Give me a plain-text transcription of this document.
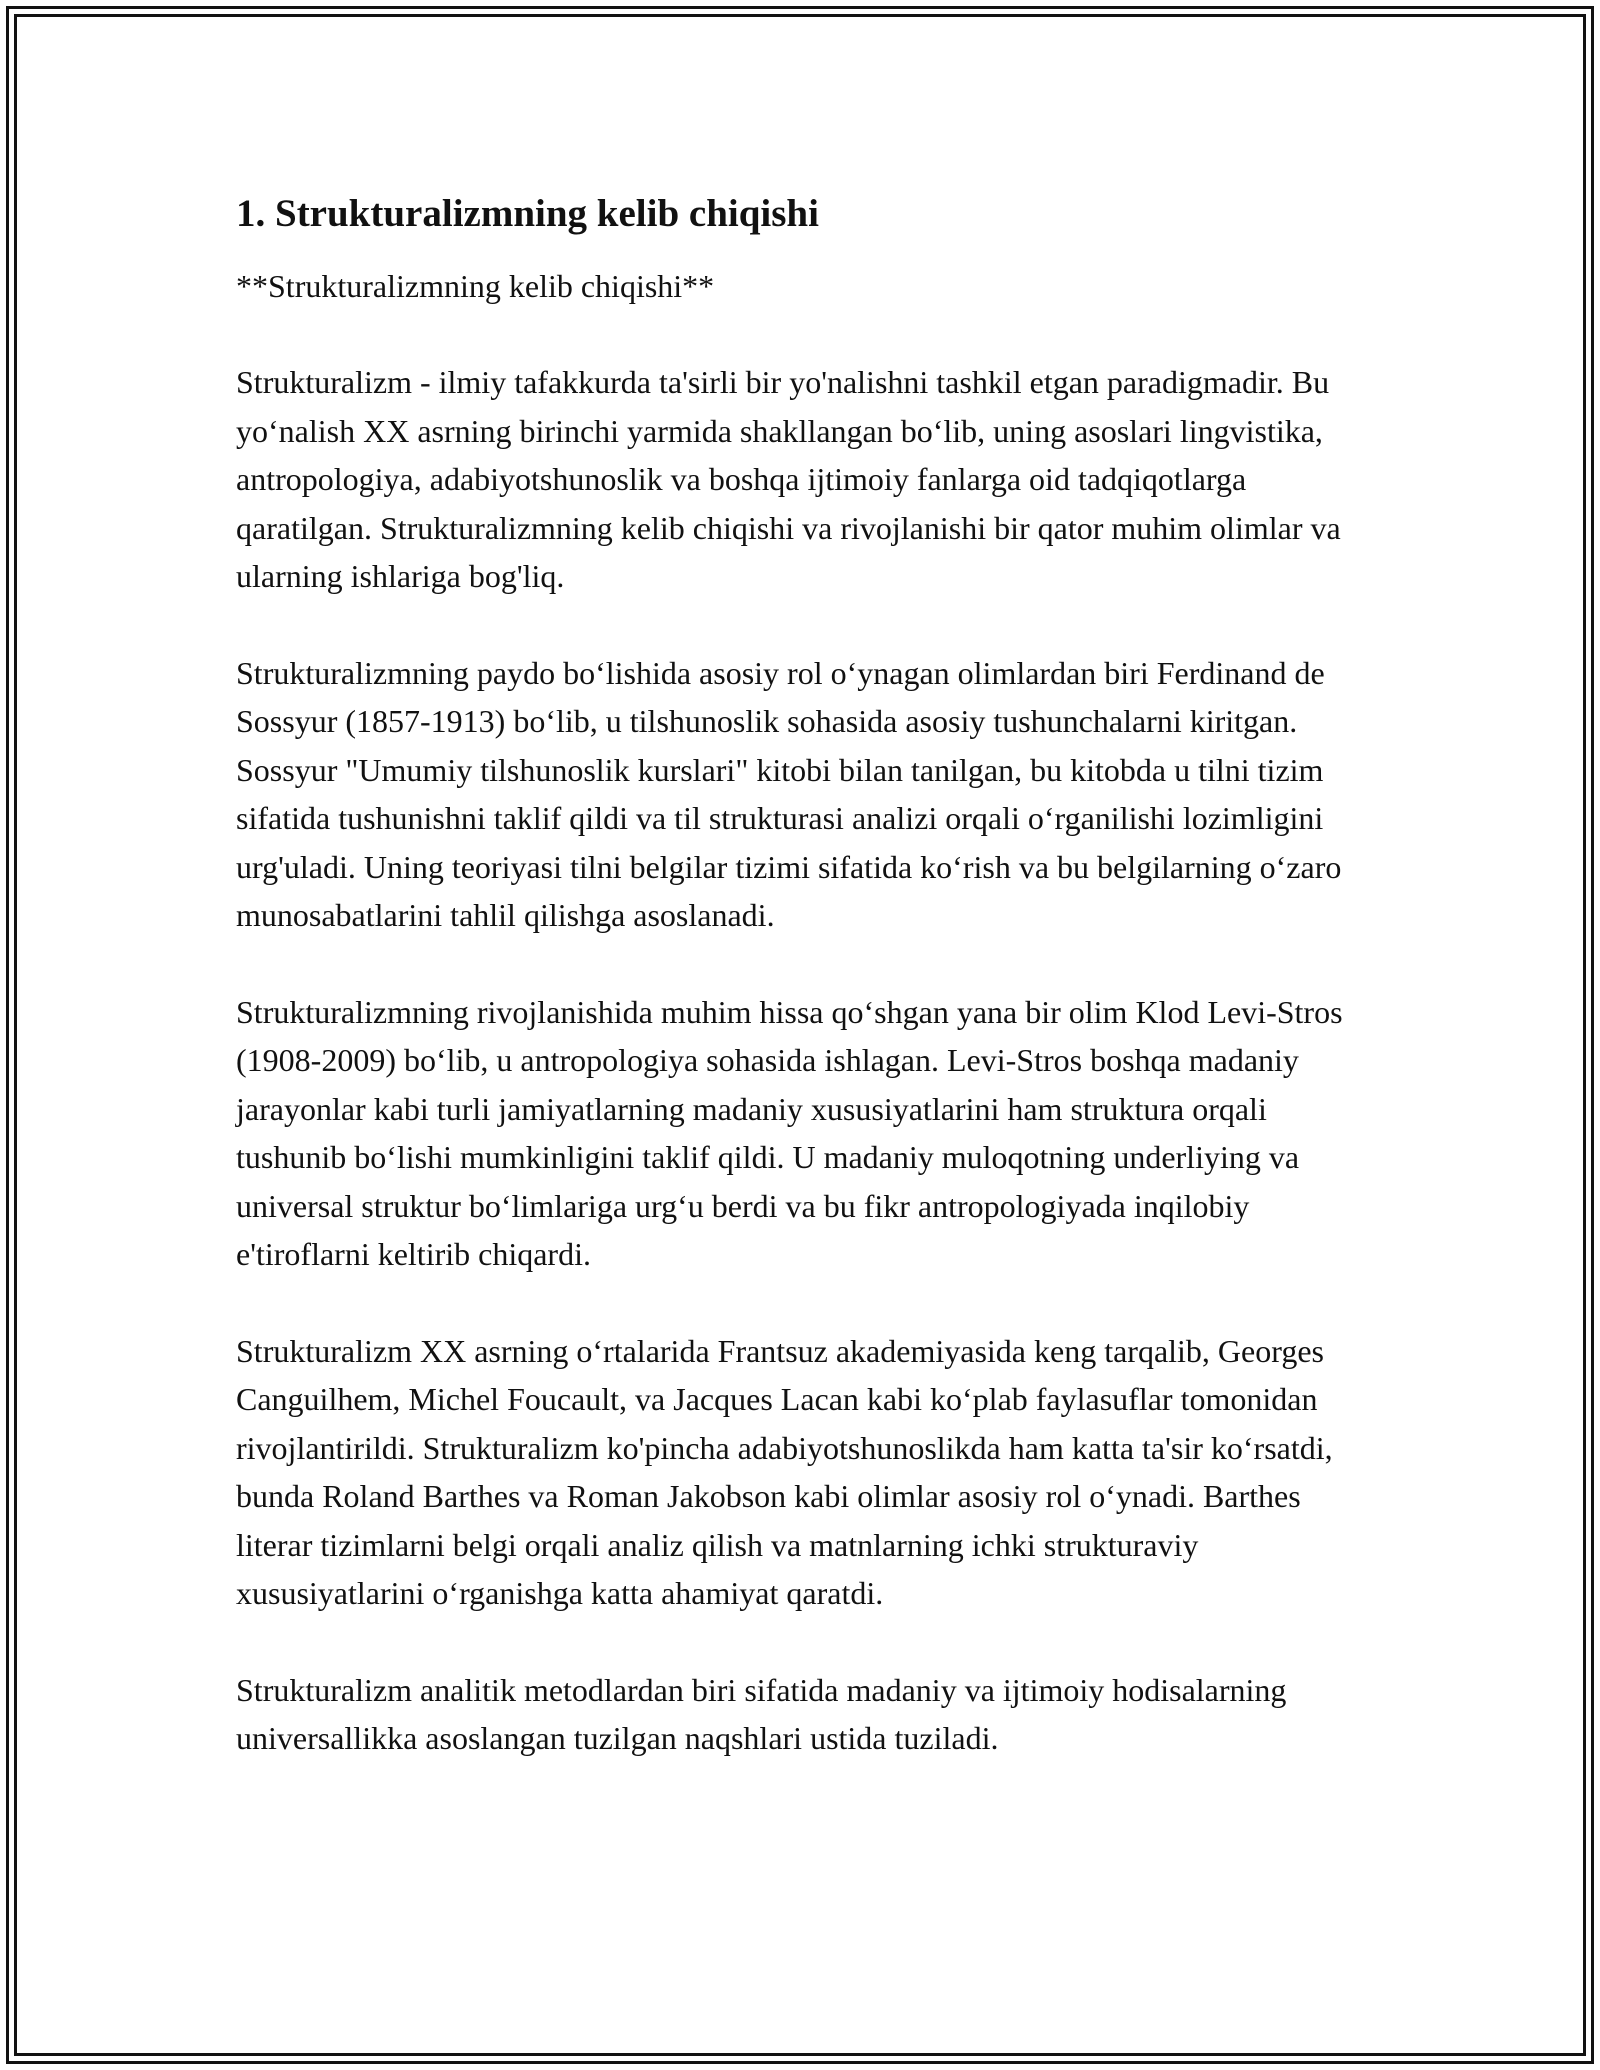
1. Strukturalizmning kelib chiqishi

**Strukturalizmning kelib chiqishi**

Strukturalizm - ilmiy tafakkurda ta'sirli bir yo'nalishni tashkil etgan paradigmadir. Bu yo‘nalish XX asrning birinchi yarmida shakllangan bo‘lib, uning asoslari lingvistika, antropologiya, adabiyotshunoslik va boshqa ijtimoiy fanlarga oid tadqiqotlarga qaratilgan. Strukturalizmning kelib chiqishi va rivojlanishi bir qator muhim olimlar va ularning ishlariga bog'liq.

Strukturalizmning paydo bo‘lishida asosiy rol o‘ynagan olimlardan biri Ferdinand de Sossyur (1857-1913) bo‘lib, u tilshunoslik sohasida asosiy tushunchalarni kiritgan. Sossyur "Umumiy tilshunoslik kurslari" kitobi bilan tanilgan, bu kitobda u tilni tizim sifatida tushunishni taklif qildi va til strukturasi analizi orqali o‘rganilishi lozimligini urg'uladi. Uning teoriyasi tilni belgilar tizimi sifatida ko‘rish va bu belgilarning o‘zaro munosabatlarini tahlil qilishga asoslanadi.

Strukturalizmning rivojlanishida muhim hissa qo‘shgan yana bir olim Klod Levi-Stros (1908-2009) bo‘lib, u antropologiya sohasida ishlagan. Levi-Stros boshqa madaniy jarayonlar kabi turli jamiyatlarning madaniy xususiyatlarini ham struktura orqali tushunib bo‘lishi mumkinligini taklif qildi. U madaniy muloqotning underliying va universal struktur bo‘limlariga urg‘u berdi va bu fikr antropologiyada inqilobiy e'tiroflarni keltirib chiqardi.

Strukturalizm XX asrning o‘rtalarida Frantsuz akademiyasida keng tarqalib, Georges Canguilhem, Michel Foucault, va Jacques Lacan kabi ko‘plab faylasuflar tomonidan rivojlantirildi. Strukturalizm ko'pincha adabiyotshunoslikda ham katta ta'sir ko‘rsatdi, bunda Roland Barthes va Roman Jakobson kabi olimlar asosiy rol o‘ynadi. Barthes literar tizimlarni belgi orqali analiz qilish va matnlarning ichki strukturaviy xususiyatlarini o‘rganishga katta ahamiyat qaratdi.

Strukturalizm analitik metodlardan biri sifatida madaniy va ijtimoiy hodisalarning universallikka asoslangan tuzilgan naqshlari ustida tuziladi.
